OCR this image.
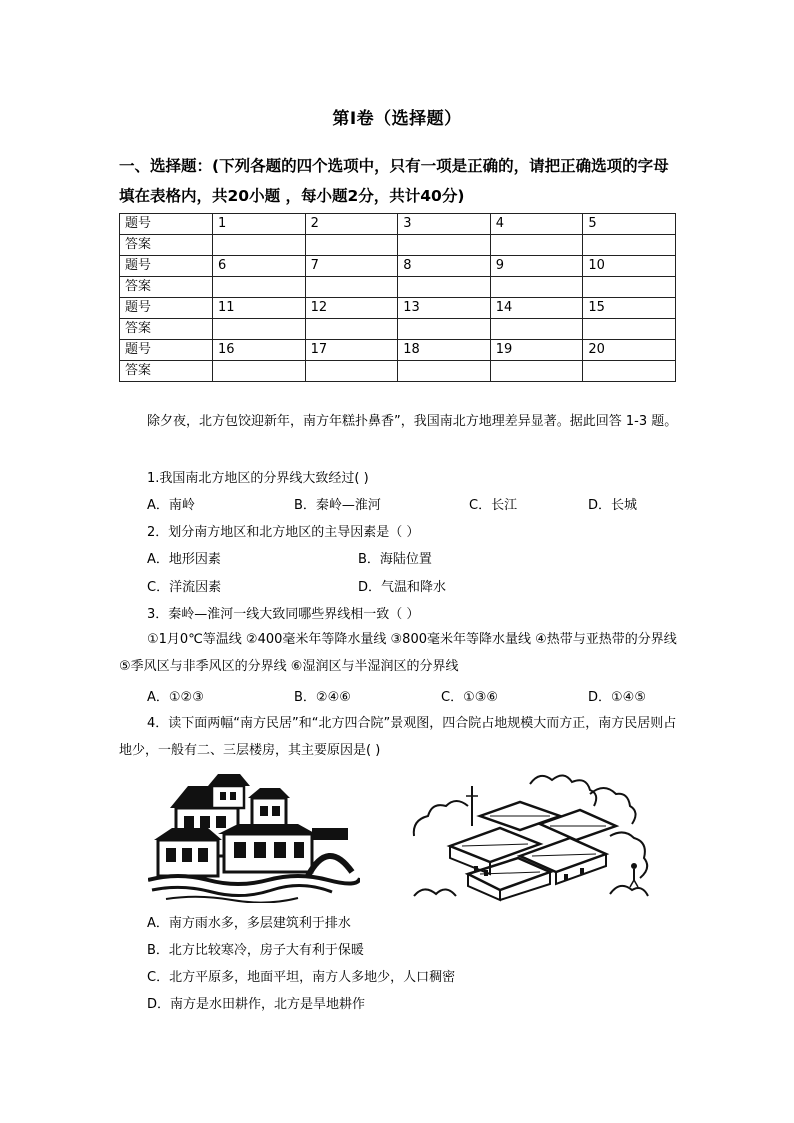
第Ⅰ卷（选择题）
一、选择题：(下列各题的四个选项中，只有一项是正确的，请把正确选项的字母填在表格内，共20小题 ，每小题2分，共计40分)
题号	1	2	3	4	5
答案					
题号	6	7	8	9	10
答案					
题号	11	12	13	14	15
答案					
题号	16	17	18	19	20
答案					
除夕夜，北方包饺迎新年，南方年糕扑鼻香”，我国南北方地理差异显著。据此回答 1-3 题。
1.我国南北方地区的分界线大致经过( )
A．南岭	B．秦岭—淮河	C．长江	D．长城
2．划分南方地区和北方地区的主导因素是（ ）
A．地形因素	B．海陆位置
C．洋流因素	D．气温和降水
3．秦岭—淮河一线大致同哪些界线相一致（ ）
①1月0℃等温线 ②400毫米年等降水量线 ③800毫米年等降水量线 ④热带与亚热带的分界线 ⑤季风区与非季风区的分界线 ⑥湿润区与半湿润区的分界线
A．①②③	B．②④⑥	C．①③⑥	D．①④⑤
4．读下面两幅“南方民居”和“北方四合院”景观图，四合院占地规模大而方正，南方民居则占地少，一般有二、三层楼房，其主要原因是( )
A．南方雨水多，多层建筑利于排水
B．北方比较寒冷，房子大有利于保暖
C．北方平原多，地面平坦，南方人多地少，人口稠密
D．南方是水田耕作，北方是旱地耕作
